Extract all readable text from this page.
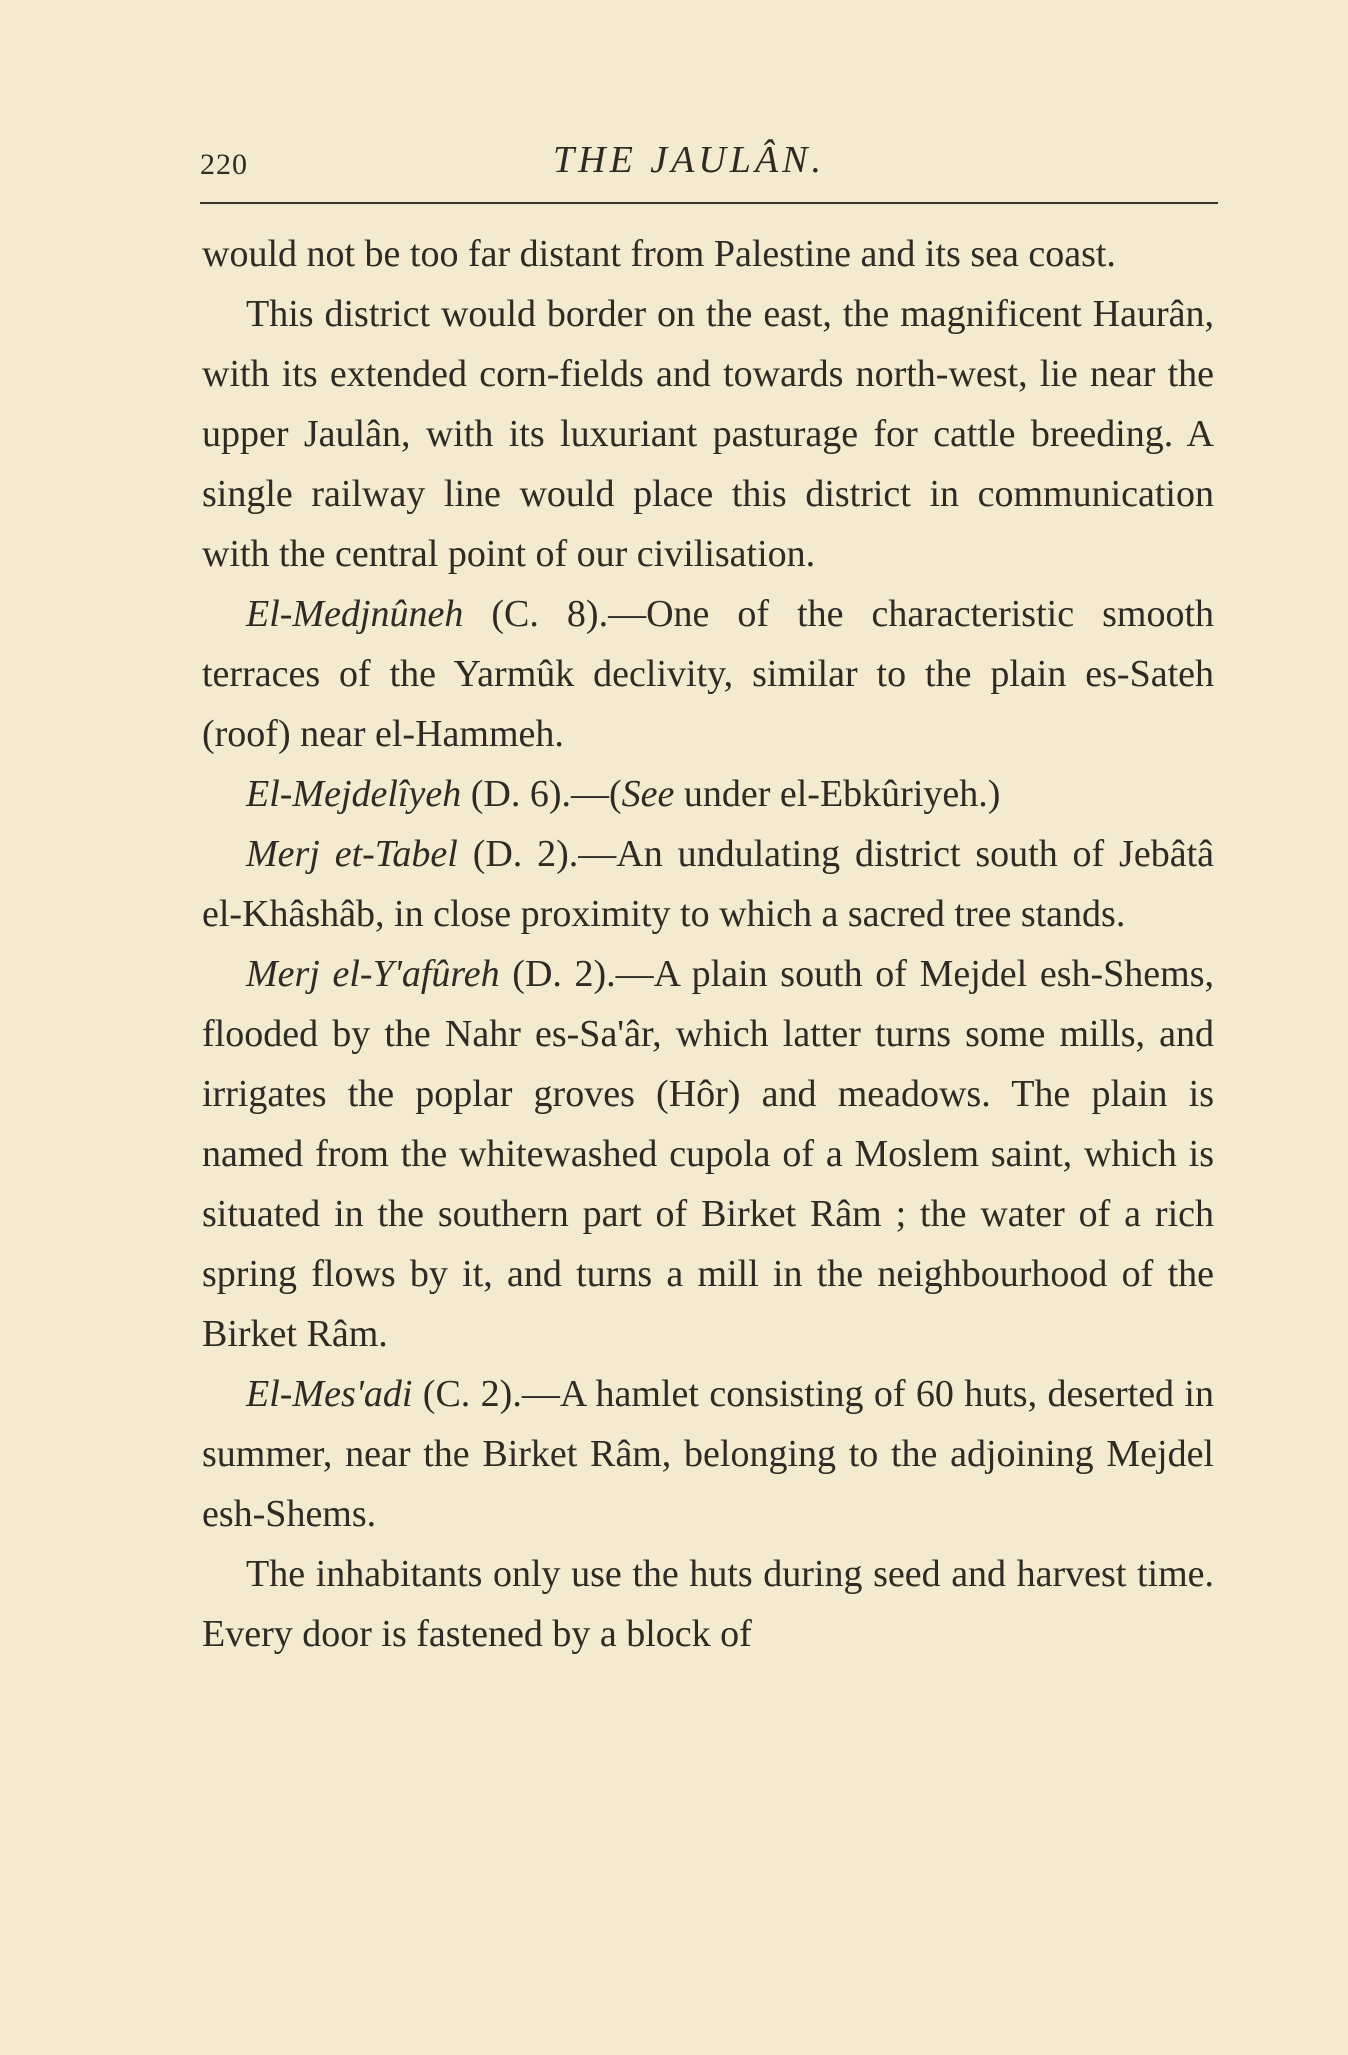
220	THE JAULÂN.

would not be too far distant from Palestine and its sea coast.

This district would border on the east, the magnificent Haurân, with its extended corn-fields and towards north-west, lie near the upper Jaulân, with its luxuriant pasturage for cattle breeding. A single railway line would place this district in communication with the central point of our civilisation.

El-Medjnûneh (C. 8).—One of the characteristic smooth terraces of the Yarmûk declivity, similar to the plain es-Sateh (roof) near el-Hammeh.

El-Mejdelîyeh (D. 6).—(See under el-Ebkûriyeh.)

Merj et-Tabel (D. 2).—An undulating district south of Jebâtâ el-Khâshâb, in close proximity to which a sacred tree stands.

Merj el-Y'afûreh (D. 2).—A plain south of Mejdel esh-Shems, flooded by the Nahr es-Sa'âr, which latter turns some mills, and irrigates the poplar groves (Hôr) and meadows. The plain is named from the whitewashed cupola of a Moslem saint, which is situated in the southern part of Birket Râm ; the water of a rich spring flows by it, and turns a mill in the neighbourhood of the Birket Râm.

El-Mes'adi (C. 2).—A hamlet consisting of 60 huts, deserted in summer, near the Birket Râm, belonging to the adjoining Mejdel esh-Shems.

The inhabitants only use the huts during seed and harvest time. Every door is fastened by a block of
